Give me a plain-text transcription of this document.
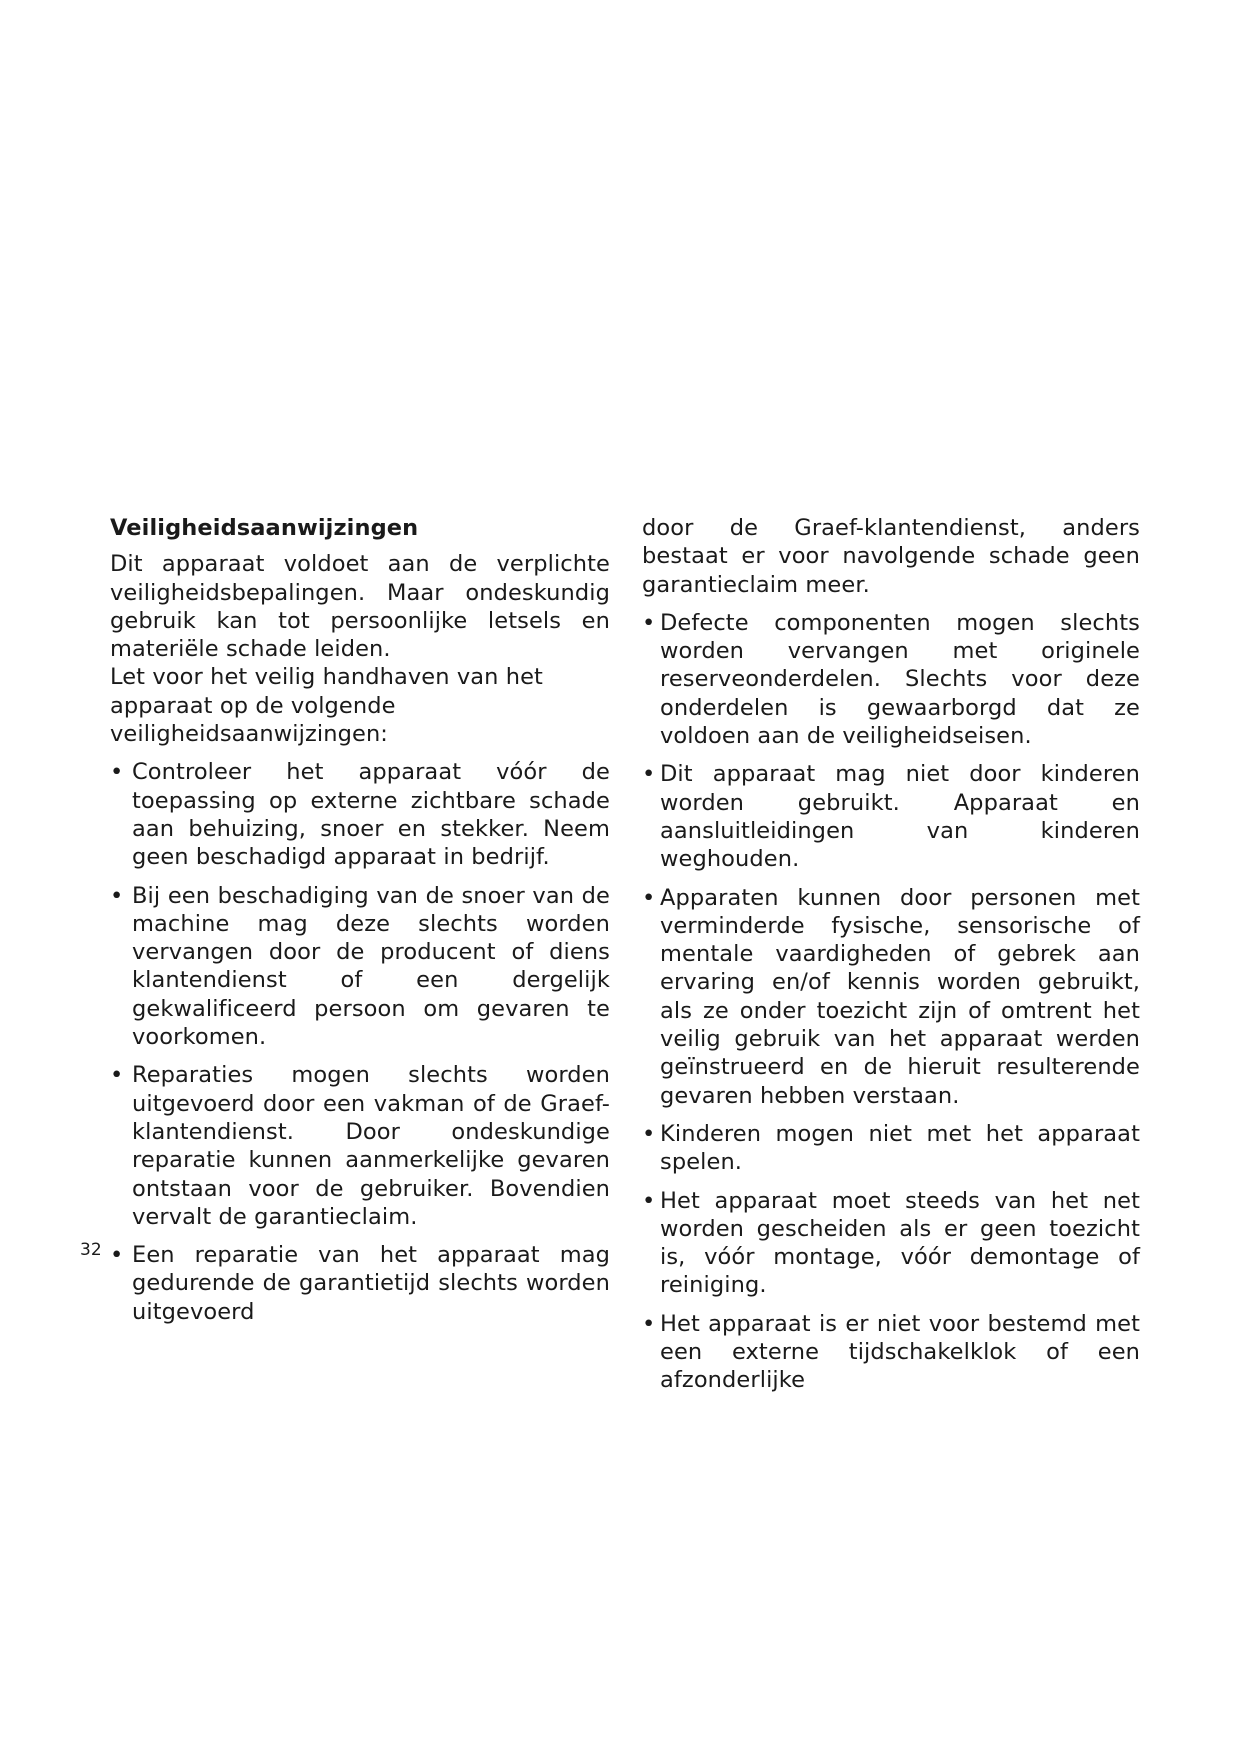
Veiligheidsaanwijzingen

Dit apparaat voldoet aan de verplichte veiligheidsbepalingen. Maar ondeskundig gebruik kan tot persoonlijke letsels en materiële schade leiden.

Let voor het veilig handhaven van het apparaat op de volgende veiligheidsaanwijzingen:

• Controleer het apparaat vóór de toepassing op externe zichtbare schade aan behuizing, snoer en stekker. Neem geen beschadigd apparaat in bedrijf.
• Bij een beschadiging van de snoer van de machine mag deze slechts worden vervangen door de producent of diens klantendienst of een dergelijk gekwalificeerd persoon om gevaren te voorkomen.
• Reparaties mogen slechts worden uitgevoerd door een vakman of de Graef-klantendienst. Door ondeskundige reparatie kunnen aanmerkelijke gevaren ontstaan voor de gebruiker. Bovendien vervalt de garantieclaim.
• Een reparatie van het apparaat mag gedurende de garantietijd slechts worden uitgevoerd

door de Graef-klantendienst, anders bestaat er voor navolgende schade geen garantieclaim meer.

• Defecte componenten mogen slechts worden vervangen met originele reserveonderdelen. Slechts voor deze onderdelen is gewaarborgd dat ze voldoen aan de veiligheidseisen.
• Dit apparaat mag niet door kinderen worden gebruikt. Apparaat en aansluitleidingen van kinderen weghouden.
• Apparaten kunnen door personen met verminderde fysische, sensorische of mentale vaardigheden of gebrek aan ervaring en/of kennis worden gebruikt, als ze onder toezicht zijn of omtrent het veilig gebruik van het apparaat werden geïnstrueerd en de hieruit resulterende gevaren hebben verstaan.
• Kinderen mogen niet met het apparaat spelen.
• Het apparaat moet steeds van het net worden gescheiden als er geen toezicht is, vóór montage, vóór demontage of reiniging.
• Het apparaat is er niet voor bestemd met een externe tijdschakelklok of een afzonderlijke
32
